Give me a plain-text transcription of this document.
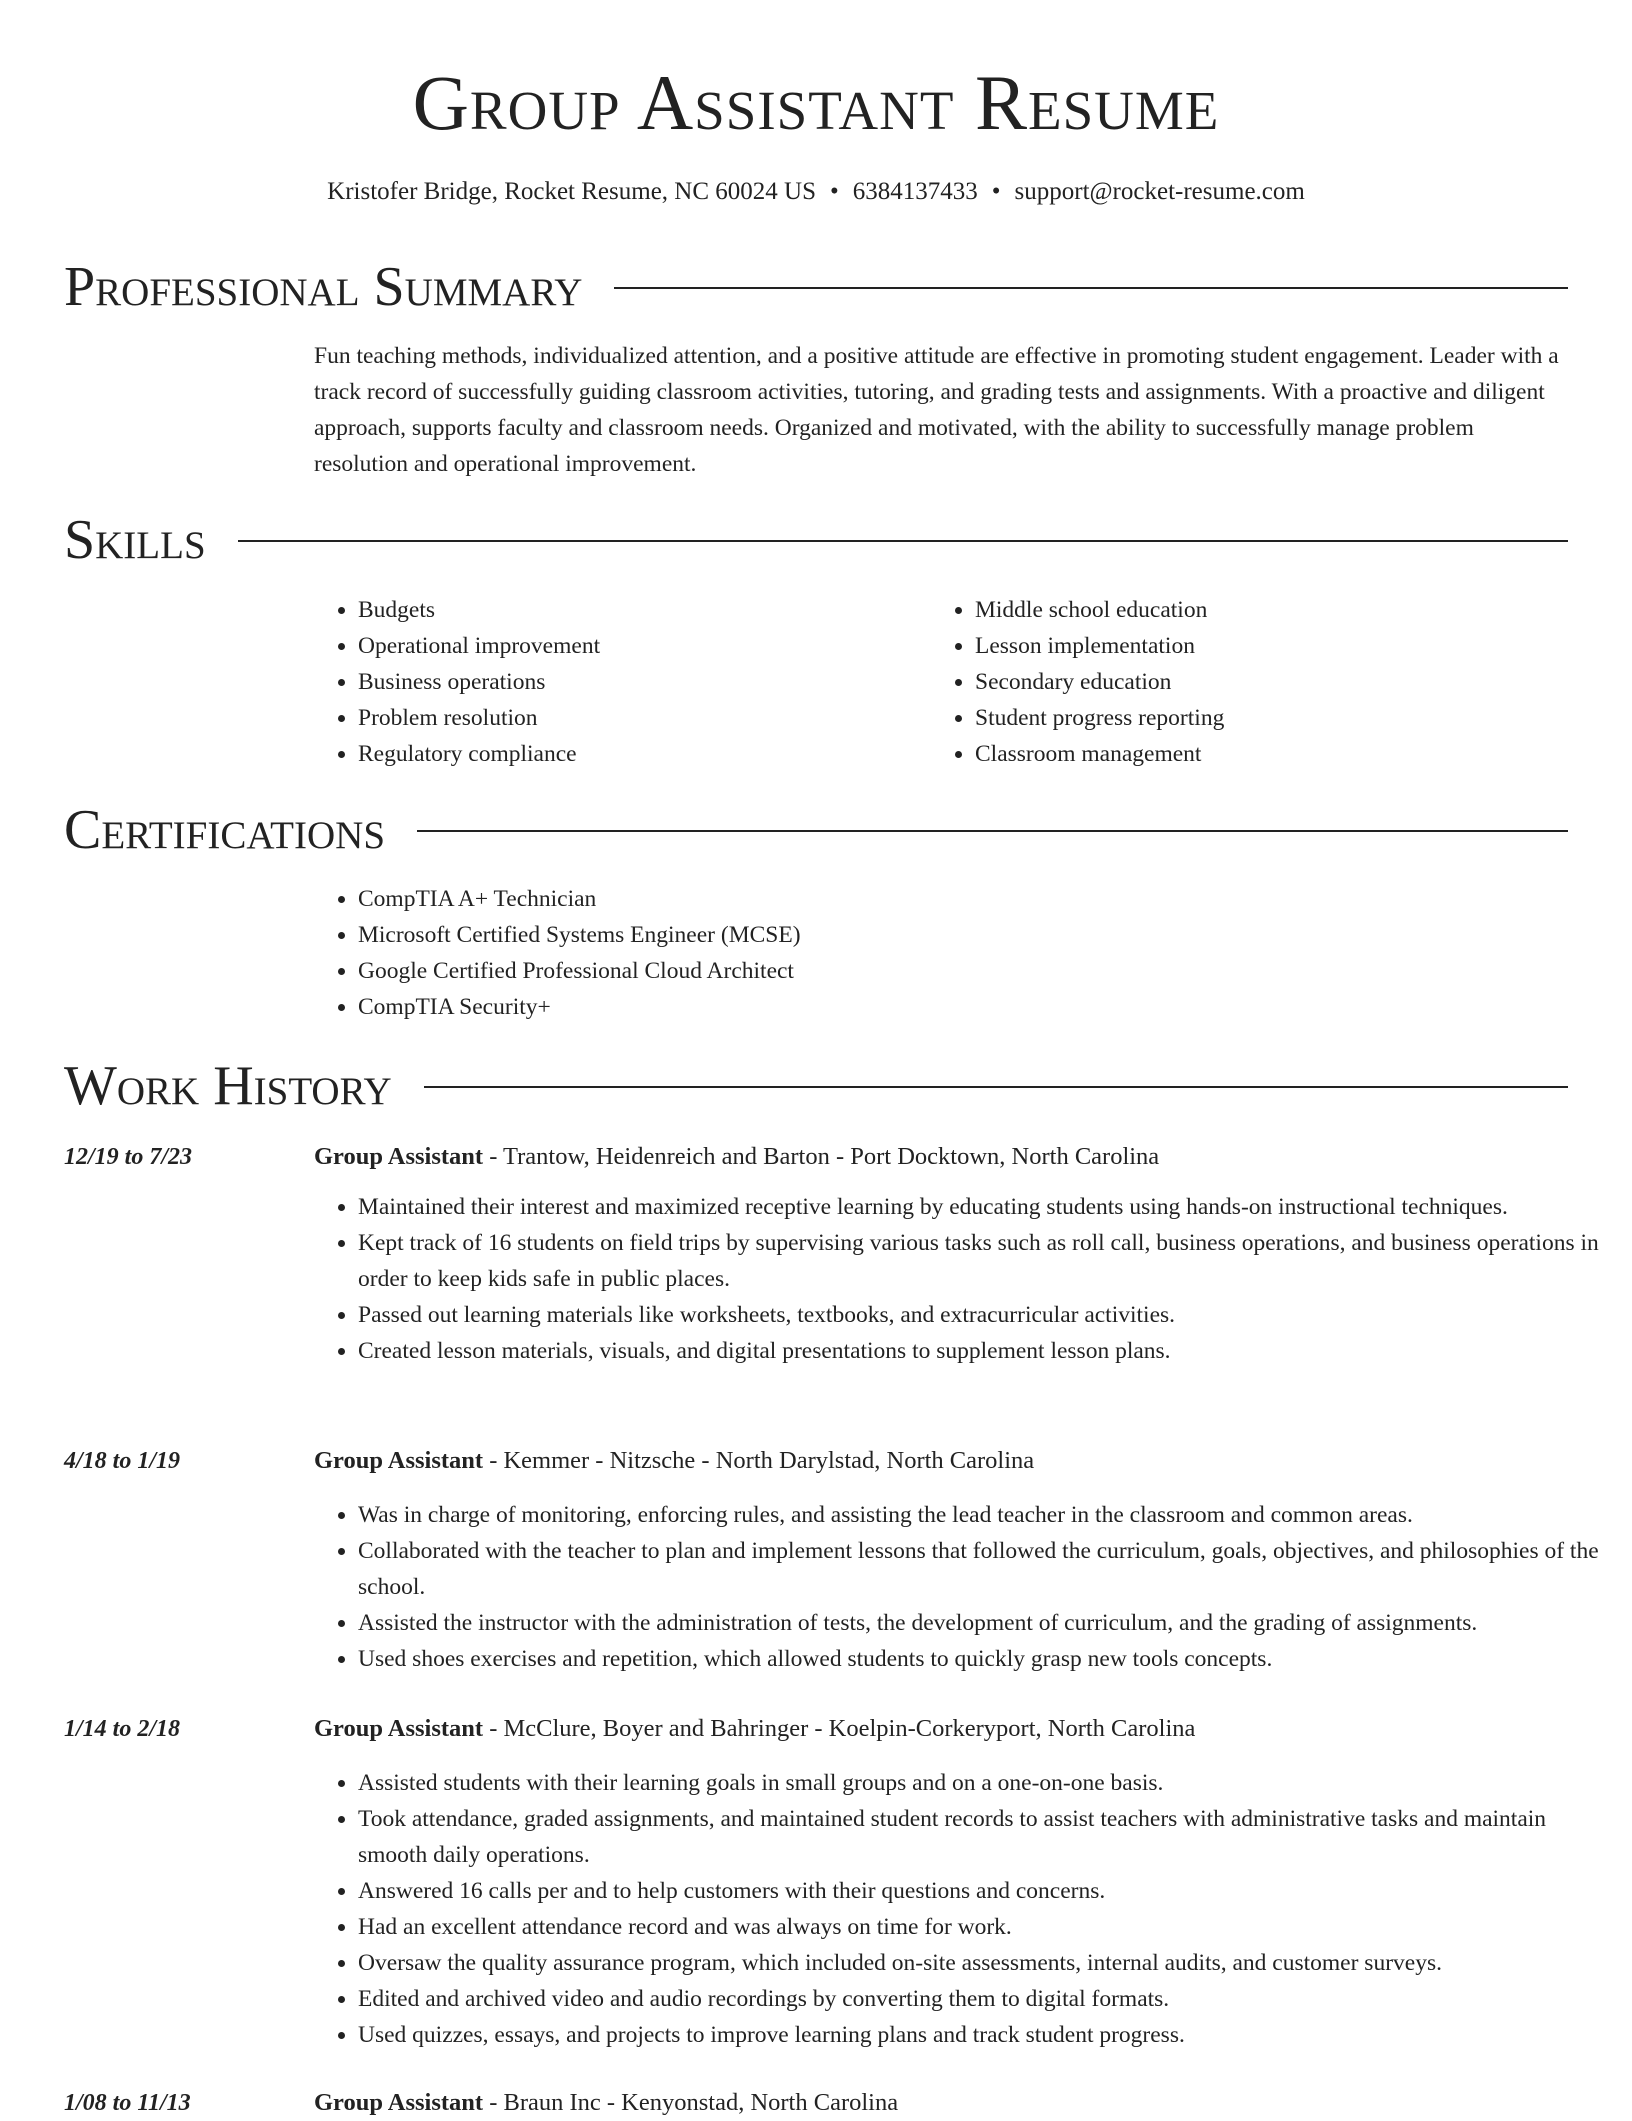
Group Assistant Resume
Kristofer Bridge, Rocket Resume, NC 60024 US • 6384137433 • support@rocket-resume.com
Professional Summary

Fun teaching methods, individualized attention, and a positive attitude are effective in promoting student engagement. Leader with a track record of successfully guiding classroom activities, tutoring, and grading tests and assignments. With a proactive and diligent approach, supports faculty and classroom needs. Organized and motivated, with the ability to successfully manage problem resolution and operational improvement.

Skills
• Budgets
• Operational improvement
• Business operations
• Problem resolution
• Regulatory compliance
• Middle school education
• Lesson implementation
• Secondary education
• Student progress reporting
• Classroom management
Certifications
• CompTIA A+ Technician
• Microsoft Certified Systems Engineer (MCSE)
• Google Certified Professional Cloud Architect
• CompTIA Security+
Work History
12/19 to 7/23	Group Assistant - Trantow, Heidenreich and Barton - Port Docktown, North Carolina
• Maintained their interest and maximized receptive learning by educating students using hands-on instructional techniques.
• Kept track of 16 students on field trips by supervising various tasks such as roll call, business operations, and business operations in order to keep kids safe in public places.
• Passed out learning materials like worksheets, textbooks, and extracurricular activities.
• Created lesson materials, visuals, and digital presentations to supplement lesson plans.
4/18 to 1/19	Group Assistant - Kemmer - Nitzsche - North Darylstad, North Carolina
• Was in charge of monitoring, enforcing rules, and assisting the lead teacher in the classroom and common areas.
• Collaborated with the teacher to plan and implement lessons that followed the curriculum, goals, objectives, and philosophies of the school.
• Assisted the instructor with the administration of tests, the development of curriculum, and the grading of assignments.
• Used shoes exercises and repetition, which allowed students to quickly grasp new tools concepts.
1/14 to 2/18	Group Assistant - McClure, Boyer and Bahringer - Koelpin-Corkeryport, North Carolina
• Assisted students with their learning goals in small groups and on a one-on-one basis.
• Took attendance, graded assignments, and maintained student records to assist teachers with administrative tasks and maintain smooth daily operations.
• Answered 16 calls per and to help customers with their questions and concerns.
• Had an excellent attendance record and was always on time for work.
• Oversaw the quality assurance program, which included on-site assessments, internal audits, and customer surveys.
• Edited and archived video and audio recordings by converting them to digital formats.
• Used quizzes, essays, and projects to improve learning plans and track student progress.
1/08 to 11/13	Group Assistant - Braun Inc - Kenyonstad, North Carolina
